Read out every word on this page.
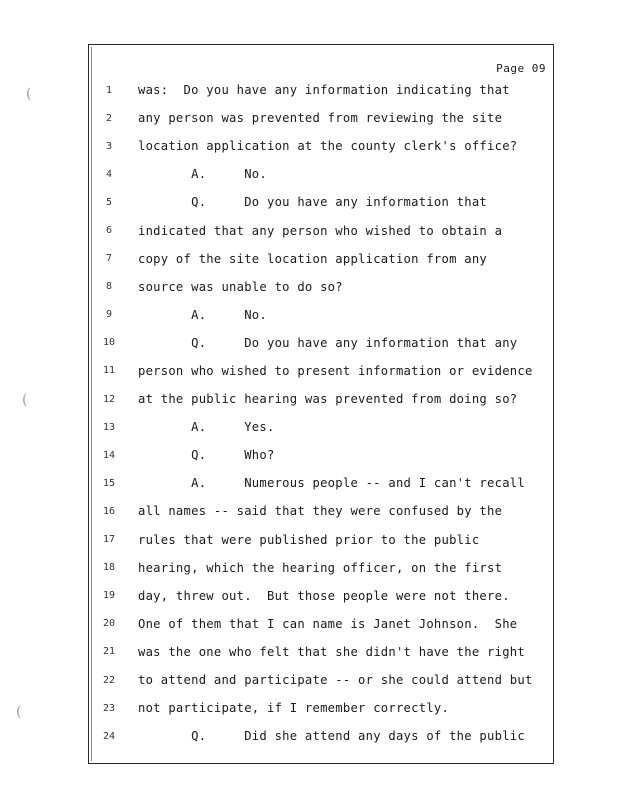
(
(
(
Page 09
1	was:  Do you have any information indicating that
2	any person was prevented from reviewing the site
3	location application at the county clerk's office?
4	A.     No.
5	Q.     Do you have any information that
6	indicated that any person who wished to obtain a
7	copy of the site location application from any
8	source was unable to do so?
9	A.     No.
10	Q.     Do you have any information that any
11	person who wished to present information or evidence
12	at the public hearing was prevented from doing so?
13	A.     Yes.
14	Q.     Who?
15	A.     Numerous people -- and I can't recall
16	all names -- said that they were confused by the
17	rules that were published prior to the public
18	hearing, which the hearing officer, on the first
19	day, threw out.  But those people were not there.
20	One of them that I can name is Janet Johnson.  She
21	was the one who felt that she didn't have the right
22	to attend and participate -- or she could attend but
23	not participate, if I remember correctly.
24	Q.     Did she attend any days of the public
